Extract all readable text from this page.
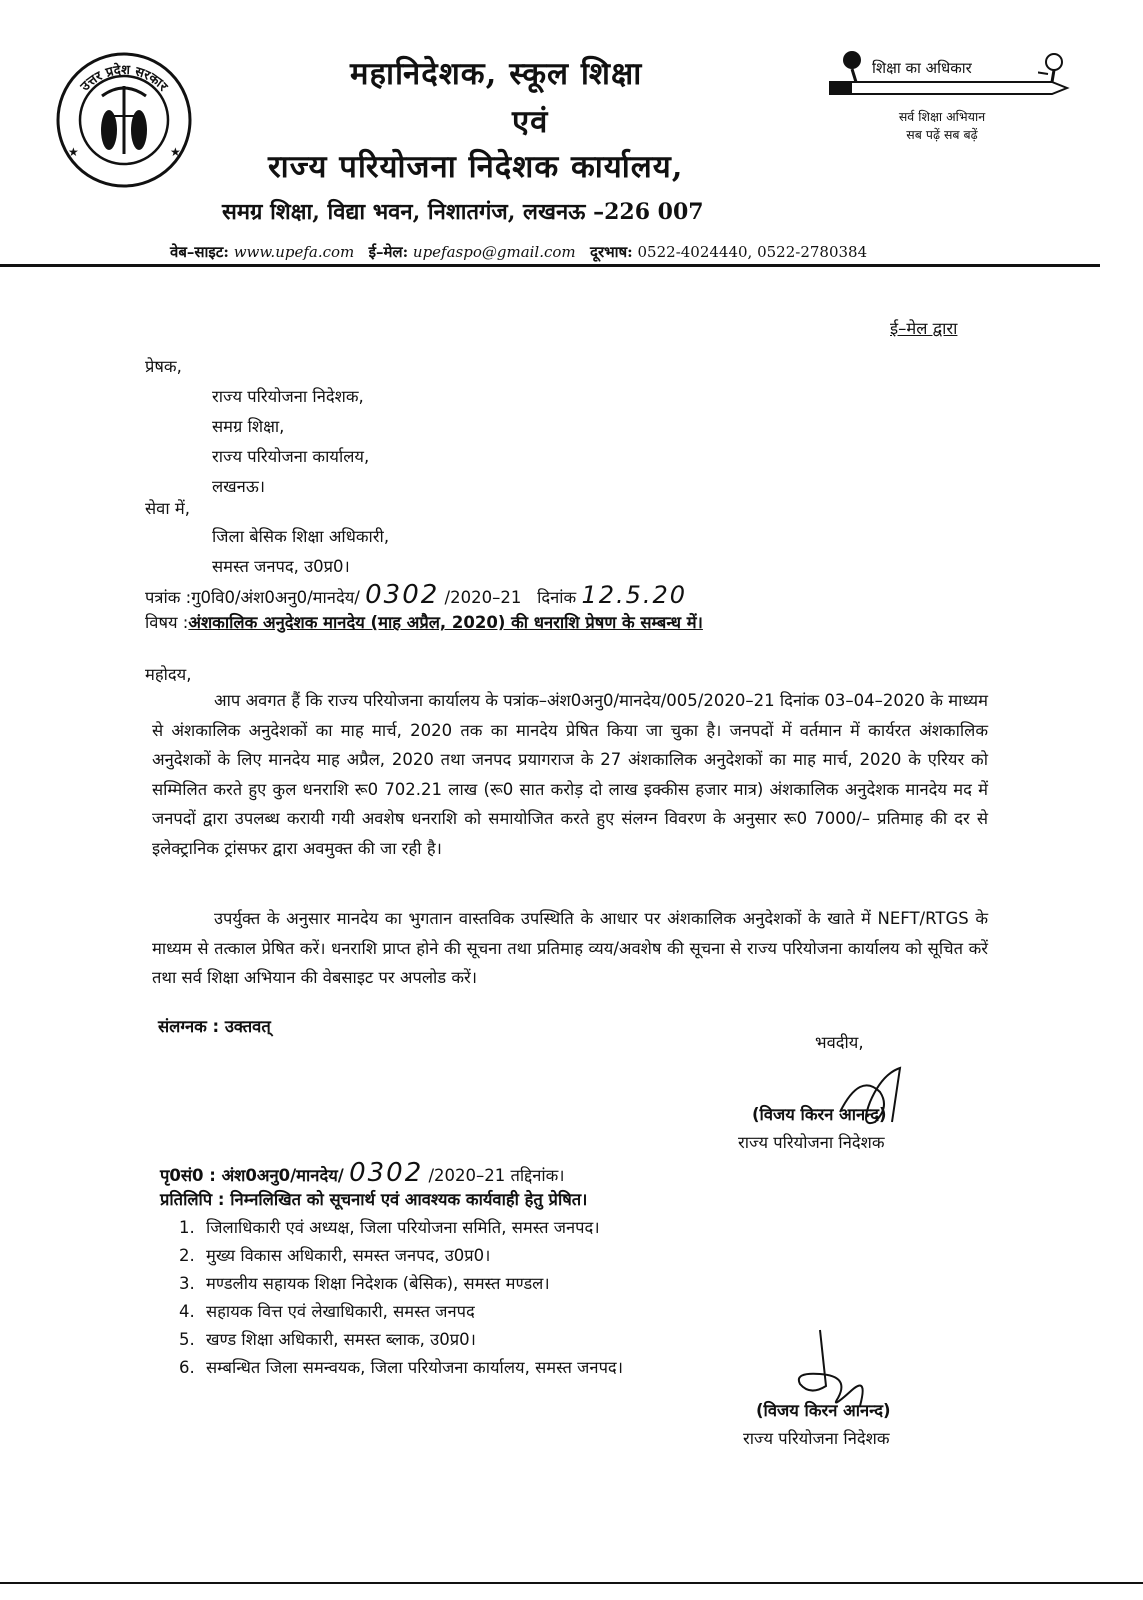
उत्तर प्रदेश सरकार
★	★
महानिदेशक, स्कूल शिक्षा
एवं
राज्य परियोजना निदेशक कार्यालय,
समग्र शिक्षा, विद्या भवन, निशातगंज, लखनऊ –226 007
वेब–साइट: www.upefa.com ई–मेल: upefaspo@gmail.com दूरभाष: 0522-4024440, 0522-2780384
शिक्षा का अधिकार
सर्व शिक्षा अभियान
सब पढ़ें सब बढ़ें
ई–मेल द्वारा
प्रेषक,
राज्य परियोजना निदेशक,
समग्र शिक्षा,
राज्य परियोजना कार्यालय,
लखनऊ।
सेवा में,
जिला बेसिक शिक्षा अधिकारी,
समस्त जनपद, उ0प्र0।
पत्रांक :गु0वि0/अंश0अनु0/मानदेय/ 0302 /2020–21 दिनांक 12.5.20
विषय :अंशकालिक अनुदेशक मानदेय (माह अप्रैल, 2020) की धनराशि प्रेषण के सम्बन्ध में।
महोदय,
आप अवगत हैं कि राज्य परियोजना कार्यालय के पत्रांक–अंश0अनु0/मानदेय/005/2020–21 दिनांक 03–04–2020 के माध्यम से अंशकालिक अनुदेशकों का माह मार्च, 2020 तक का मानदेय प्रेषित किया जा चुका है। जनपदों में वर्तमान में कार्यरत अंशकालिक अनुदेशकों के लिए मानदेय माह अप्रैल, 2020 तथा जनपद प्रयागराज के 27 अंशकालिक अनुदेशकों का माह मार्च, 2020 के एरियर को सम्मिलित करते हुए कुल धनराशि रू0 702.21 लाख (रू0 सात करोड़ दो लाख इक्कीस हजार मात्र) अंशकालिक अनुदेशक मानदेय मद में जनपदों द्वारा उपलब्ध करायी गयी अवशेष धनराशि को समायोजित करते हुए संलग्न विवरण के अनुसार रू0 7000/– प्रतिमाह की दर से इलेक्ट्रानिक ट्रांसफर द्वारा अवमुक्त की जा रही है।
उपर्युक्त के अनुसार मानदेय का भुगतान वास्तविक उपस्थिति के आधार पर अंशकालिक अनुदेशकों के खाते में NEFT/RTGS के माध्यम से तत्काल प्रेषित करें। धनराशि प्राप्त होने की सूचना तथा प्रतिमाह व्यय/अवशेष की सूचना से राज्य परियोजना कार्यालय को सूचित करें तथा सर्व शिक्षा अभियान की वेबसाइट पर अपलोड करें।
संलग्नक : उक्तवत्
भवदीय,
(विजय किरन आनन्द)
राज्य परियोजना निदेशक
पृ0सं0 : अंश0अनु0/मानदेय/ 0302 /2020–21 तद्दिनांक।
प्रतिलिपि : निम्नलिखित को सूचनार्थ एवं आवश्यक कार्यवाही हेतु प्रेषित।
1. जिलाधिकारी एवं अध्यक्ष, जिला परियोजना समिति, समस्त जनपद।
2. मुख्य विकास अधिकारी, समस्त जनपद, उ0प्र0।
3. मण्डलीय सहायक शिक्षा निदेशक (बेसिक), समस्त मण्डल।
4. सहायक वित्त एवं लेखाधिकारी, समस्त जनपद
5. खण्ड शिक्षा अधिकारी, समस्त ब्लाक, उ0प्र0।
6. सम्बन्धित जिला समन्वयक, जिला परियोजना कार्यालय, समस्त जनपद।
(विजय किरन आनन्द)
राज्य परियोजना निदेशक
